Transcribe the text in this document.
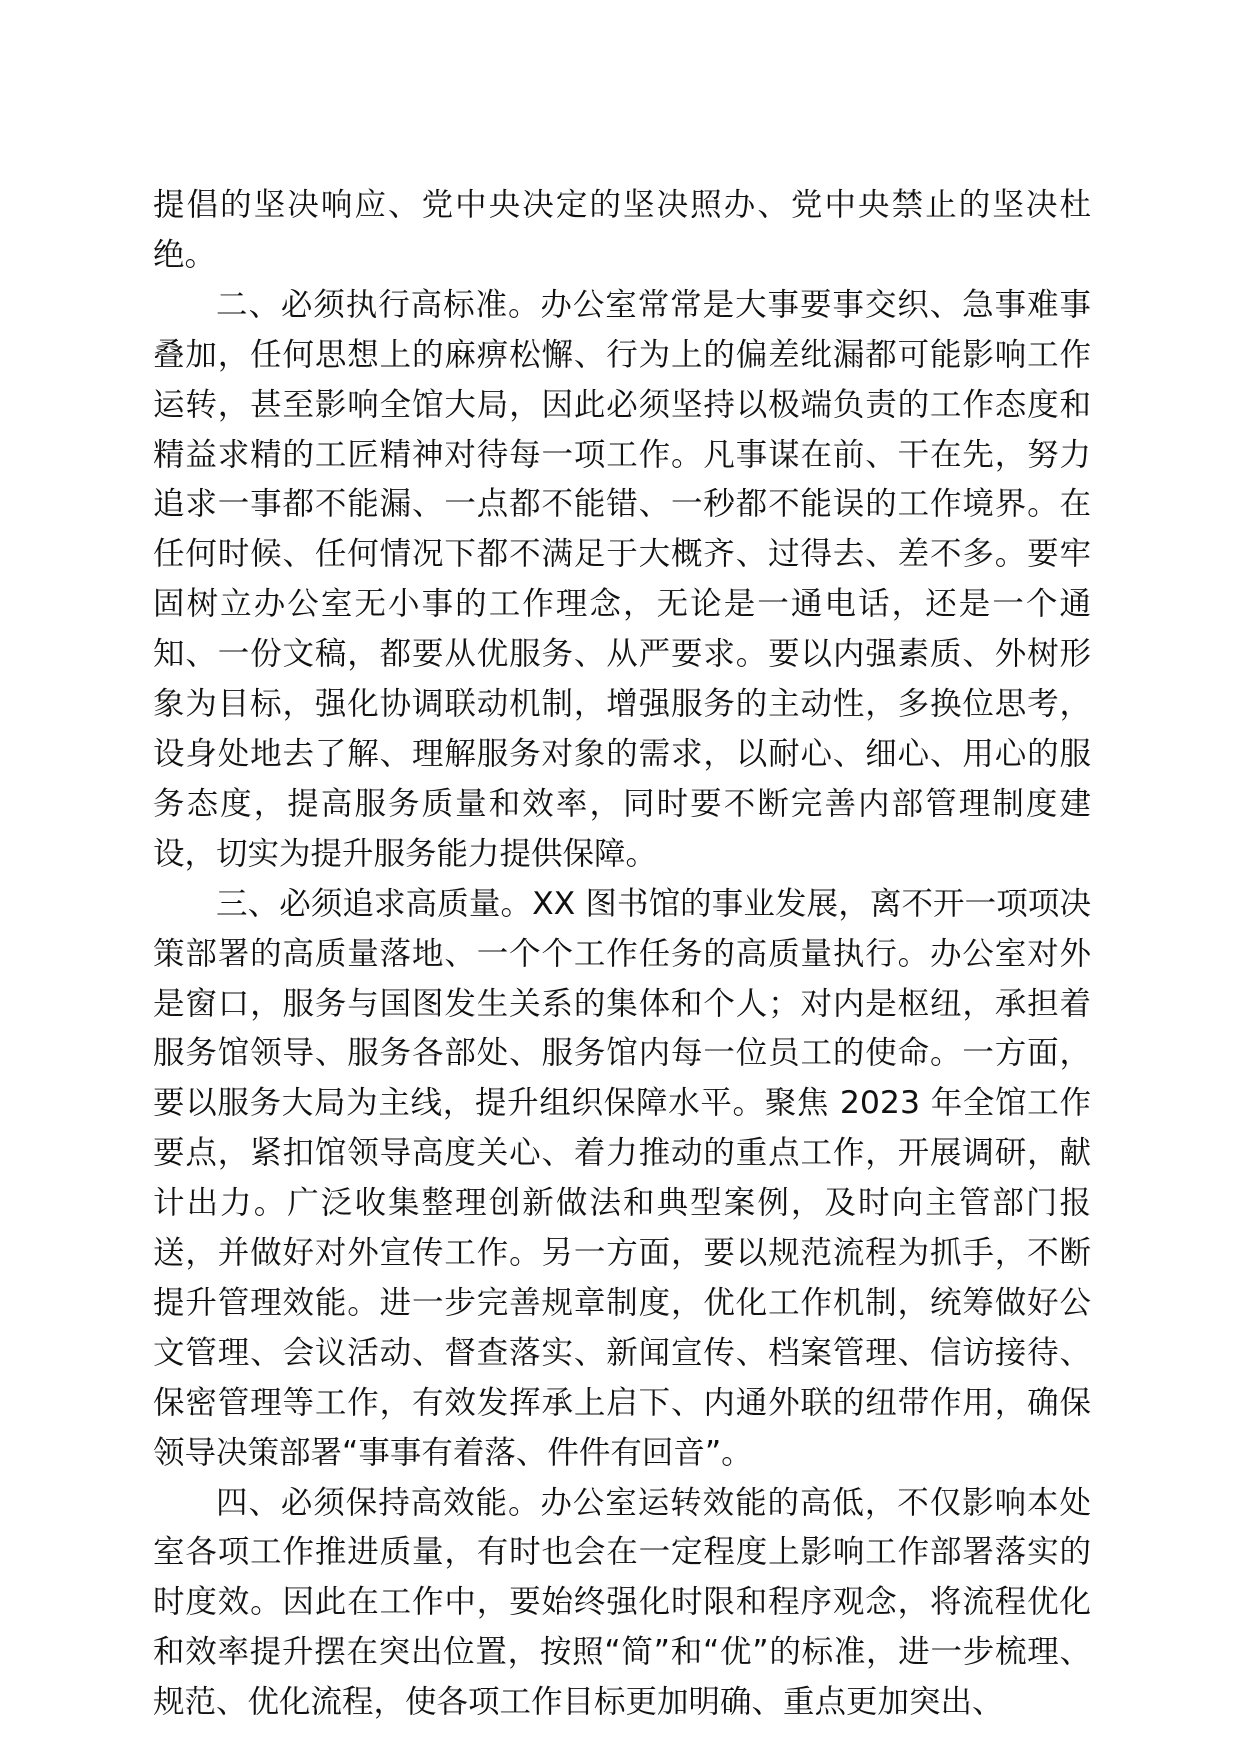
提倡的坚决响应、党中央决定的坚决照办、党中央禁止的坚决杜绝。

二、必须执行高标准。办公室常常是大事要事交织、急事难事叠加，任何思想上的麻痹松懈、行为上的偏差纰漏都可能影响工作运转，甚至影响全馆大局，因此必须坚持以极端负责的工作态度和精益求精的工匠精神对待每一项工作。凡事谋在前、干在先，努力追求一事都不能漏、一点都不能错、一秒都不能误的工作境界。在任何时候、任何情况下都不满足于大概齐、过得去、差不多。要牢固树立办公室无小事的工作理念，无论是一通电话，还是一个通知、一份文稿，都要从优服务、从严要求。要以内强素质、外树形象为目标，强化协调联动机制，增强服务的主动性，多换位思考，设身处地去了解、理解服务对象的需求，以耐心、细心、用心的服务态度，提高服务质量和效率，同时要不断完善内部管理制度建设，切实为提升服务能力提供保障。

三、必须追求高质量。XX 图书馆的事业发展，离不开一项项决策部署的高质量落地、一个个工作任务的高质量执行。办公室对外是窗口，服务与国图发生关系的集体和个人；对内是枢纽，承担着服务馆领导、服务各部处、服务馆内每一位员工的使命。一方面，要以服务大局为主线，提升组织保障水平。聚焦 2023 年全馆工作要点，紧扣馆领导高度关心、着力推动的重点工作，开展调研，献计出力。广泛收集整理创新做法和典型案例，及时向主管部门报送，并做好对外宣传工作。另一方面，要以规范流程为抓手，不断提升管理效能。进一步完善规章制度，优化工作机制，统筹做好公文管理、会议活动、督查落实、新闻宣传、档案管理、信访接待、保密管理等工作，有效发挥承上启下、内通外联的纽带作用，确保领导决策部署“事事有着落、件件有回音”。

四、必须保持高效能。办公室运转效能的高低，不仅影响本处室各项工作推进质量，有时也会在一定程度上影响工作部署落实的时度效。因此在工作中，要始终强化时限和程序观念，将流程优化和效率提升摆在突出位置，按照“简”和“优”的标准，进一步梳理、规范、优化流程，使各项工作目标更加明确、重点更加突出、
